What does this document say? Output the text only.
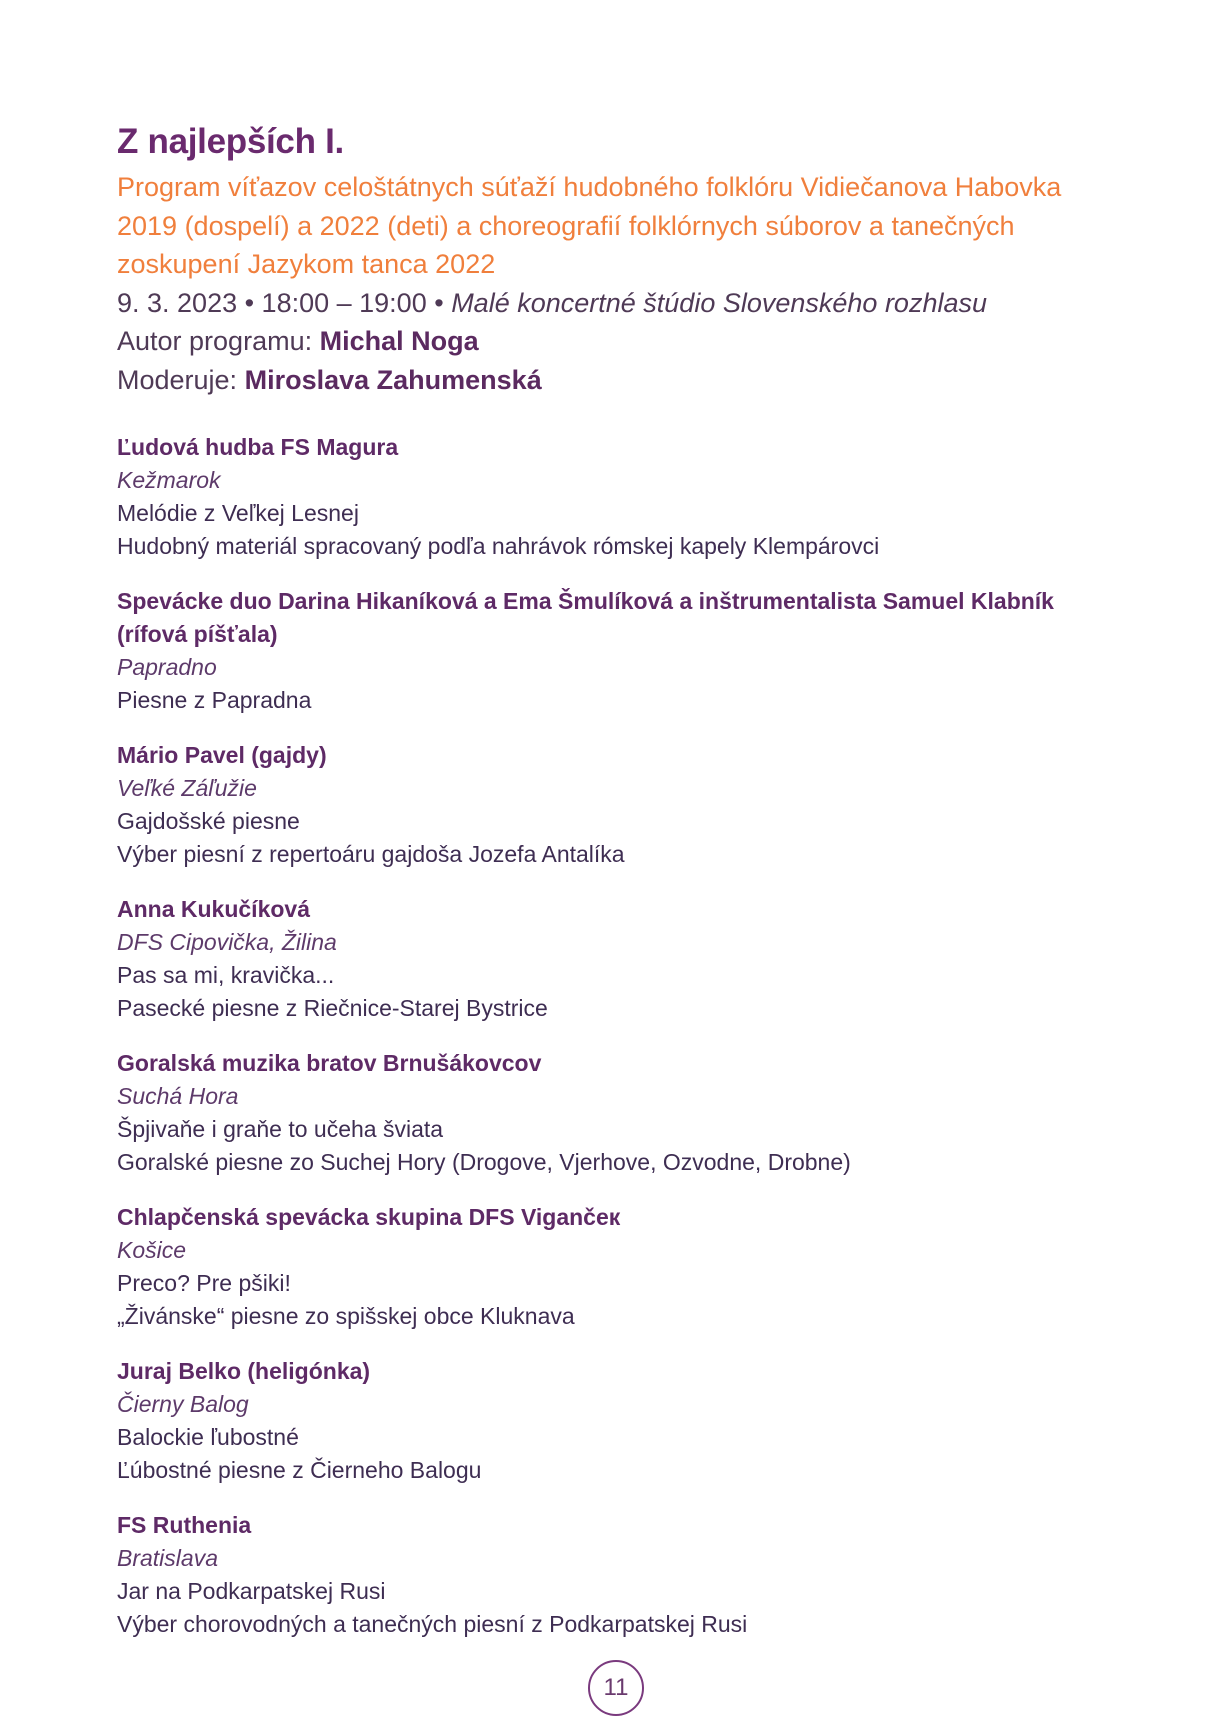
Z najlepších I.
Program víťazov celoštátnych súťaží hudobného folklóru Vidiečanova Habovka 2019 (dospelí) a 2022 (deti) a choreografií folklórnych súborov a tanečných zoskupení Jazykom tanca 2022
9. 3. 2023 • 18:00 – 19:00 • Malé koncertné štúdio Slovenského rozhlasu
Autor programu: Michal Noga
Moderuje: Miroslava Zahumenská
Ľudová hudba FS Magura
Kežmarok
Melódie z Veľkej Lesnej
Hudobný materiál spracovaný podľa nahrávok rómskej kapely Klempárovci
Spevácke duo Darina Hikaníková a Ema Šmulíková a inštrumentalista Samuel Klabník (rífová píšťala)
Papradno
Piesne z Papradna
Mário Pavel (gajdy)
Veľké Záľužie
Gajdošské piesne
Výber piesní z repertoáru gajdoša Jozefa Antalíka
Anna Kukučíková
DFS Cipovička, Žilina
Pas sa mi, kravička...
Pasecké piesne z Riečnice-Starej Bystrice
Goralská muzika bratov Brnušákovcov
Suchá Hora
Špjivaňe i graňe to učeha šviata
Goralské piesne zo Suchej Hory (Drogove, Vjerhove, Ozvodne, Drobne)
Chlapčenská spevácka skupina DFS Vigančeк
Košice
Preco? Pre pšiki!
„Živánske“ piesne zo spišskej obce Kluknava
Juraj Belko (heligónka)
Čierny Balog
Balockie ľubostné
Ľúbostné piesne z Čierneho Balogu
FS Ruthenia
Bratislava
Jar na Podkarpatskej Rusi
Výber chorovodných a tanečných piesní z Podkarpatskej Rusi
11
